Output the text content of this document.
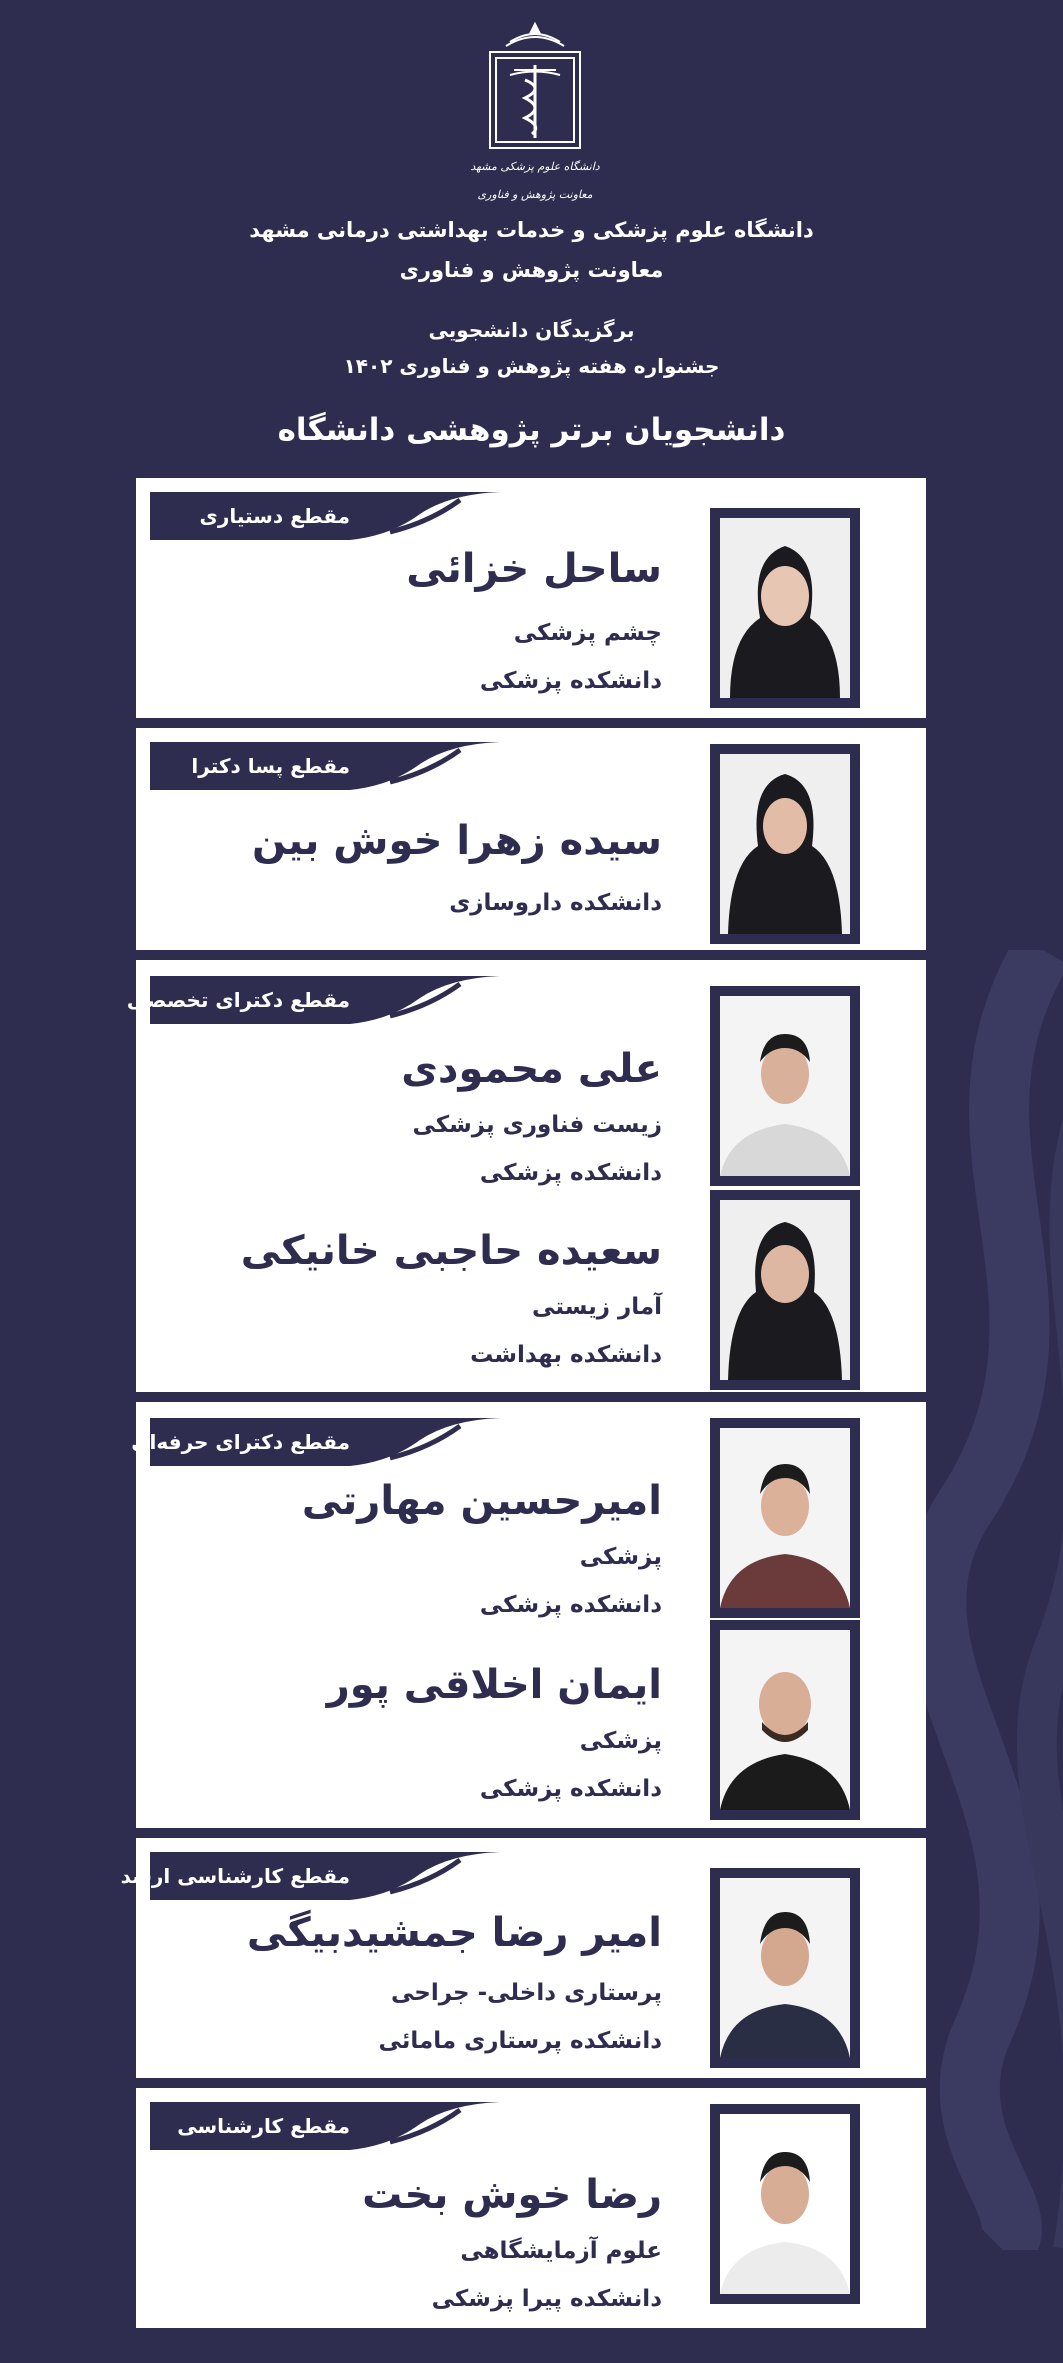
دانشگاه علوم پزشکی مشهد
معاونت پژوهش و فناوری
دانشگاه علوم پزشکی و خدمات بهداشتی درمانی مشهد
معاونت پژوهش و فناوری
برگزیدگان دانشجویی
جشنواره هفته پژوهش و فناوری ۱۴۰۲
دانشجویان برتر پژوهشی دانشگاه
مقطع دستیاری
ساحل خزائی
چشم پزشکی
دانشکده پزشکی
مقطع پسا دکترا
سیده زهرا خوش بین
دانشکده داروسازی
مقطع دکترای تخصصی
علی محمودی
زیست فناوری پزشکی
دانشکده پزشکی
سعیده حاجبی خانیکی
آمار زیستی
دانشکده بهداشت
مقطع دکترای حرفه‌ای
امیرحسین مهارتی
پزشکی
دانشکده پزشکی
ایمان اخلاقی پور
پزشکی
دانشکده پزشکی
مقطع کارشناسی ارشد
امیر رضا جمشیدبیگی
پرستاری داخلی- جراحی
دانشکده پرستاری مامائی
مقطع کارشناسی
رضا خوش بخت
علوم آزمایشگاهی
دانشکده پیرا پزشکی
